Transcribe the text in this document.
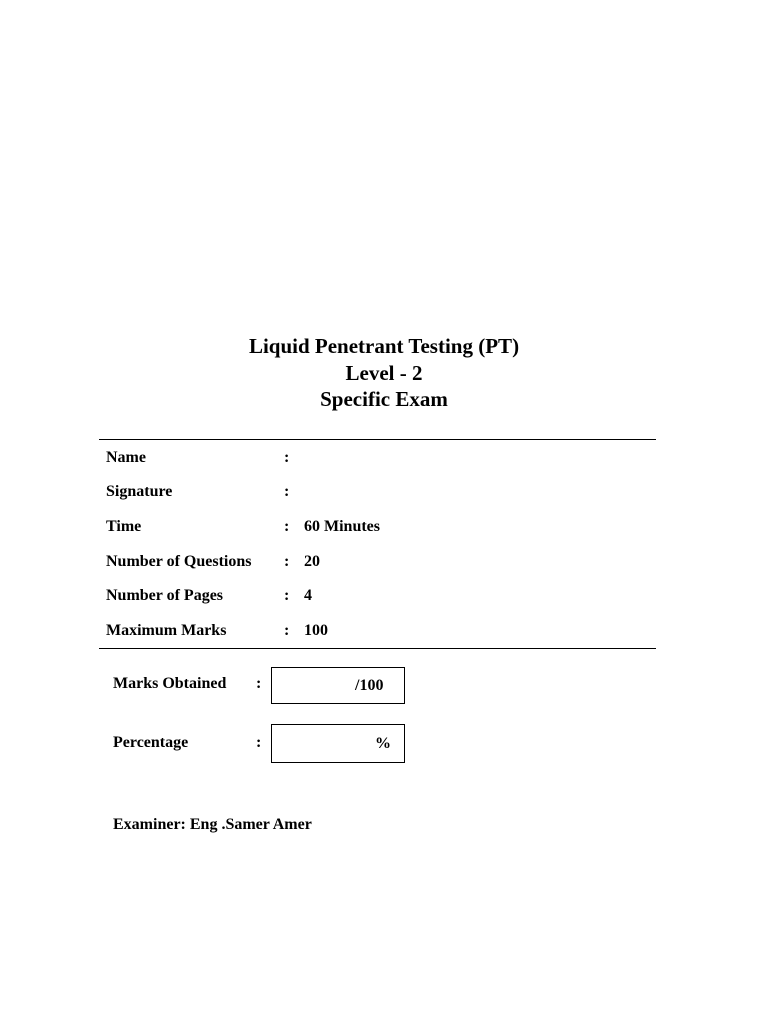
Liquid Penetrant Testing (PT)
Level - 2
Specific Exam
Name	:
Signature	:
Time	: 60 Minutes
Number of Questions : 20
Number of Pages	: 4
Maximum Marks	: 100
Marks Obtained :	/100
Percentage	:	%
Examiner: Eng .Samer Amer
